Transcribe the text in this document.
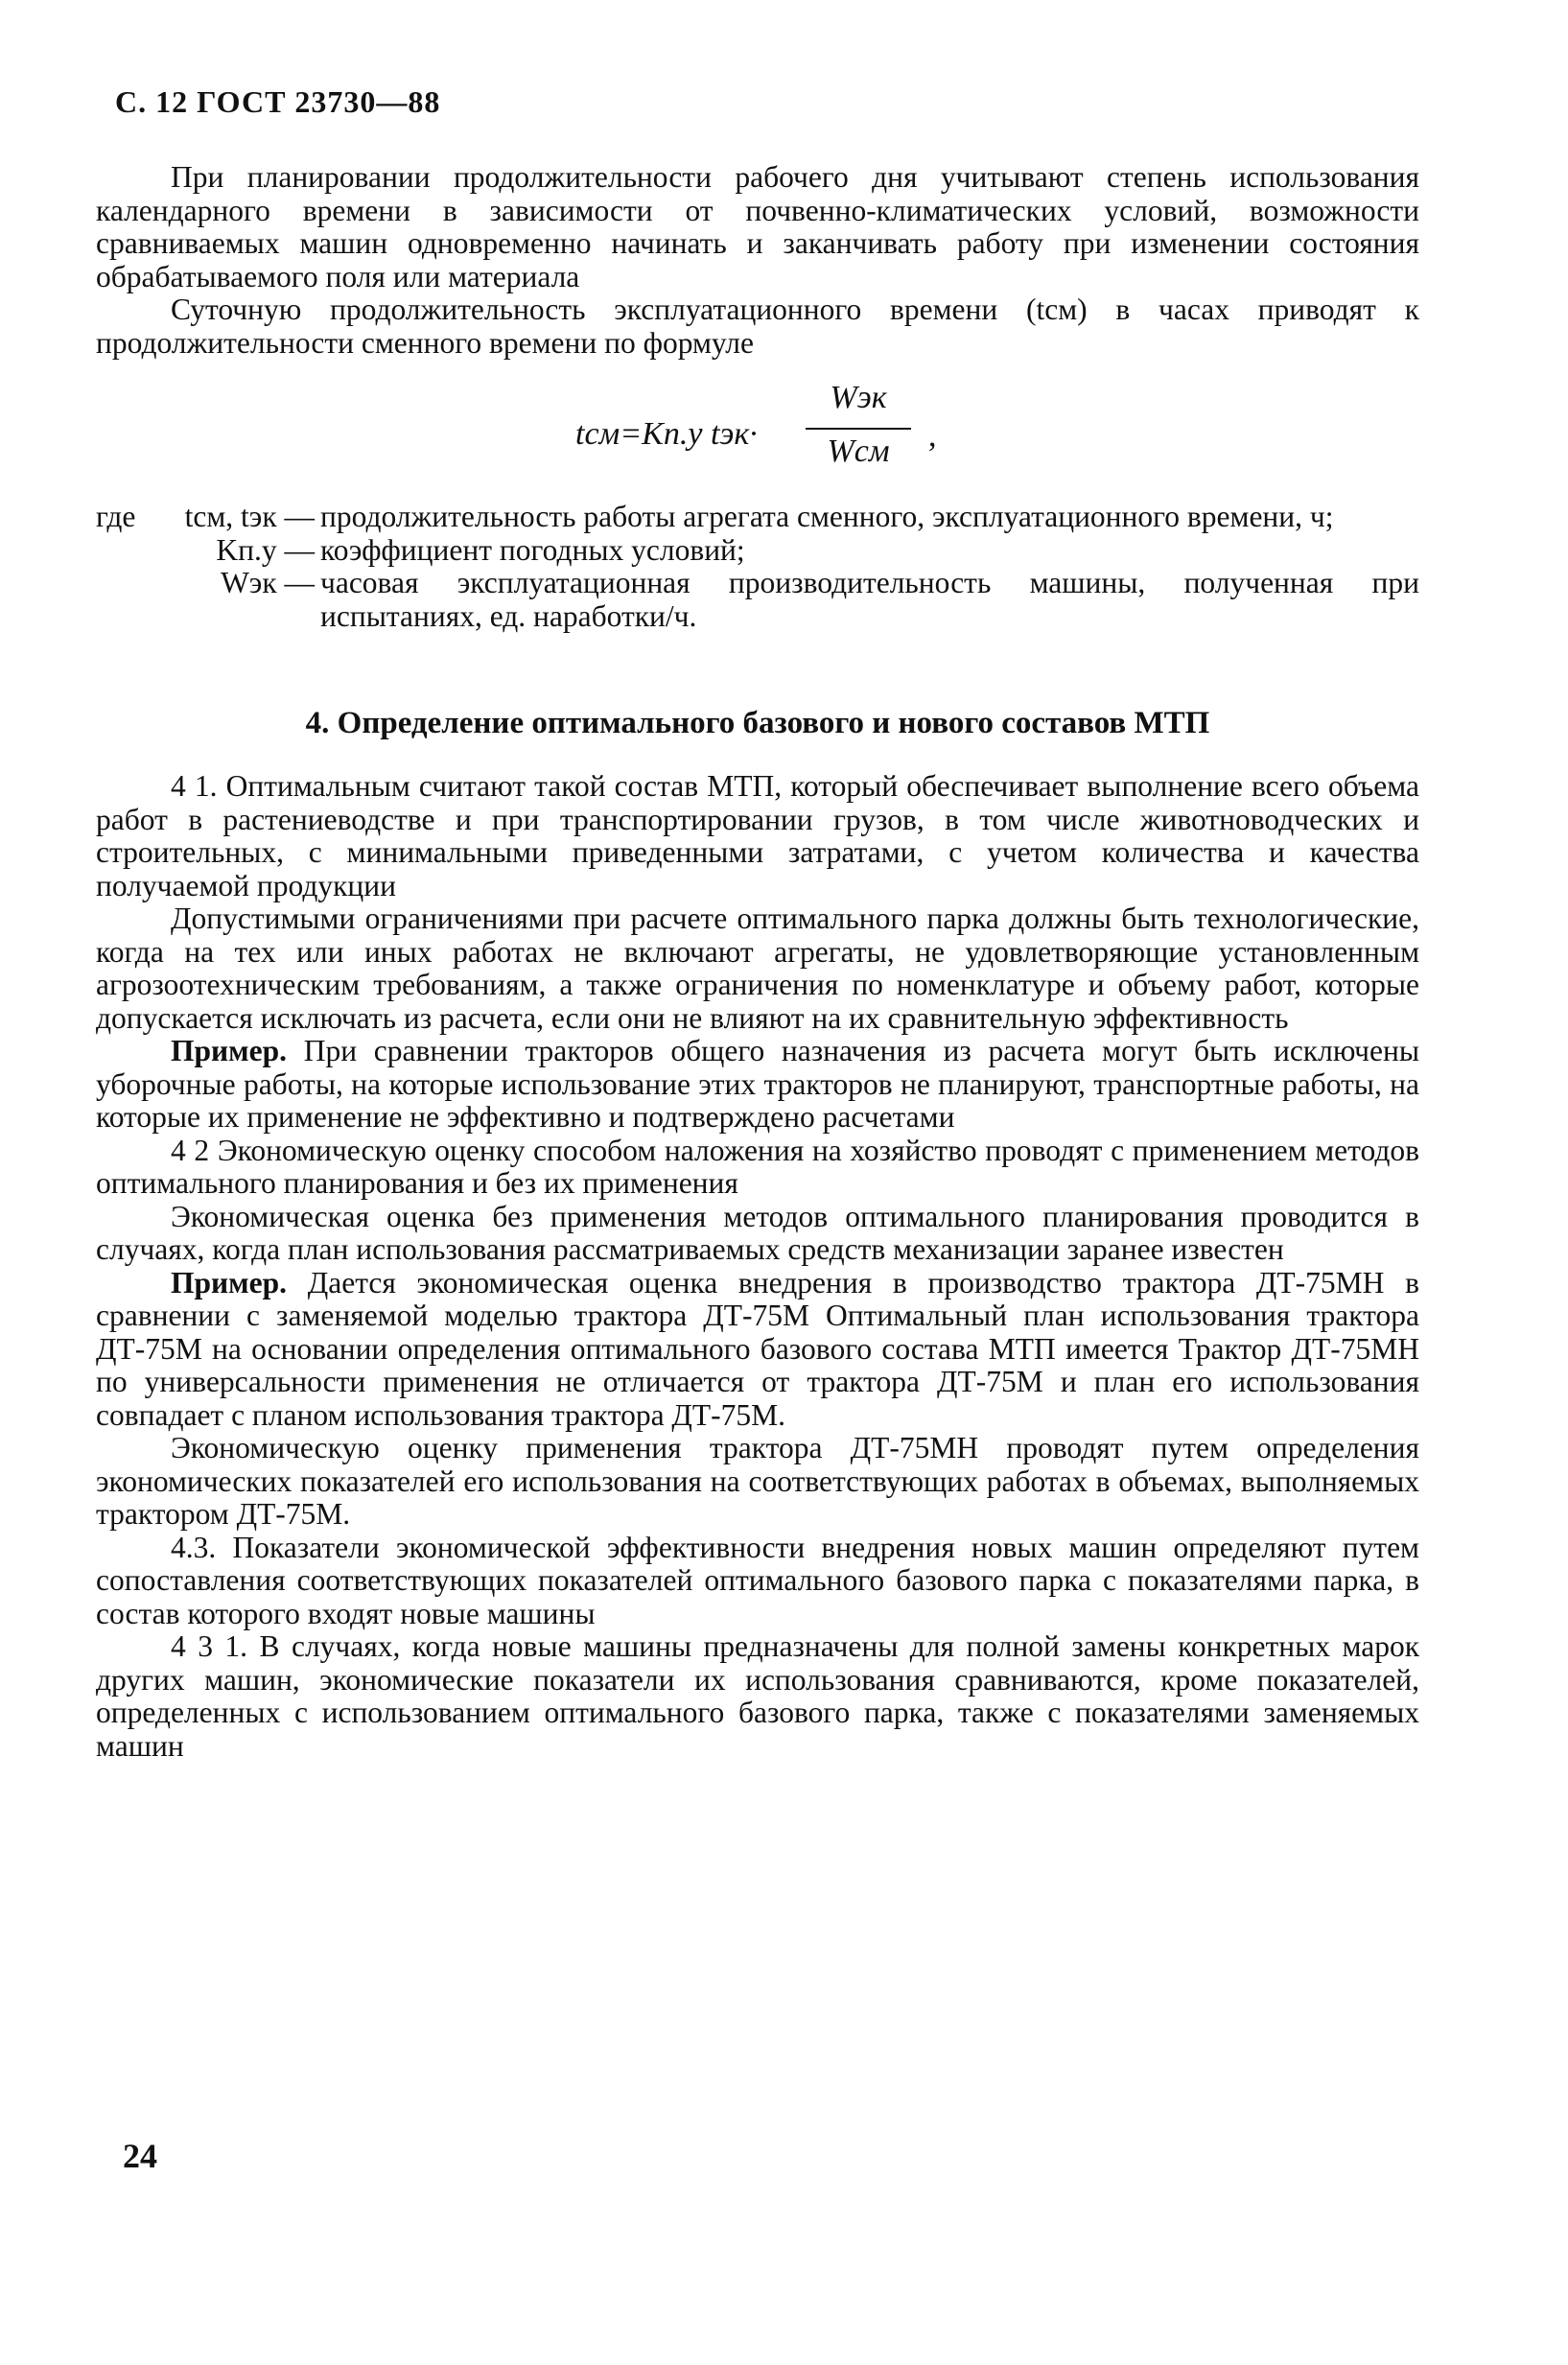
С. 12 ГОСТ 23730—88

При планировании продолжительности рабочего дня учитывают степень использования календарного времени в зависимости от почвенно-климатических условий, возможности сравниваемых машин одновременно начинать и заканчивать работу при изменении состояния обрабатываемого поля или материала

Суточную продолжительность эксплуатационного времени (tсм) в часах приводят к продолжительности сменного времени по формуле

tсм=Kп.у tэк·
Wэк
Wсм	,
где	tсм, tэк — продолжительность работы агрегата сменного, эксплуатационного времени, ч;
Kп.у — коэффициент погодных условий;
Wэк — часовая эксплуатационная производительность машины, полученная при испытаниях, ед. наработки/ч.
4. Определение оптимального базового и нового составов МТП

4 1. Оптимальным считают такой состав МТП, который обеспечивает выполнение всего объема работ в растениеводстве и при транспортировании грузов, в том числе животноводческих и строительных, с минимальными приведенными затратами, с учетом количества и качества получаемой продукции

Допустимыми ограничениями при расчете оптимального парка должны быть технологические, когда на тех или иных работах не включают агрегаты, не удовлетворяющие установленным агрозоотехническим требованиям, а также ограничения по номенклатуре и объему работ, которые допускается исключать из расчета, если они не влияют на их сравнительную эффективность

Пример. При сравнении тракторов общего назначения из расчета могут быть исключены уборочные работы, на которые использование этих тракторов не планируют, транспортные работы, на которые их применение не эффективно и подтверждено расчетами

4 2 Экономическую оценку способом наложения на хозяйство проводят с применением методов оптимального планирования и без их применения

Экономическая оценка без применения методов оптимального планирования проводится в случаях, когда план использования рассматриваемых средств механизации заранее известен

Пример. Дается экономическая оценка внедрения в производство трактора ДТ-75МН в сравнении с заменяемой моделью трактора ДТ-75М Оптимальный план использования трактора ДТ-75М на основании определения оптимального базового состава МТП имеется Трактор ДТ-75МН по универсальности применения не отличается от трактора ДТ-75М и план его использования совпадает с планом использования трактора ДТ-75М.

Экономическую оценку применения трактора ДТ-75МН проводят путем определения экономических показателей его использования на соответствующих работах в объемах, выполняемых трактором ДТ-75М.

4.3. Показатели экономической эффективности внедрения новых машин определяют путем сопоставления соответствующих показателей оптимального базового парка с показателями парка, в состав которого входят новые машины

4 3 1. В случаях, когда новые машины предназначены для полной замены конкретных марок других машин, экономические показатели их использования сравниваются, кроме показателей, определенных с использованием оптимального базового парка, также с показателями заменяемых машин

24
